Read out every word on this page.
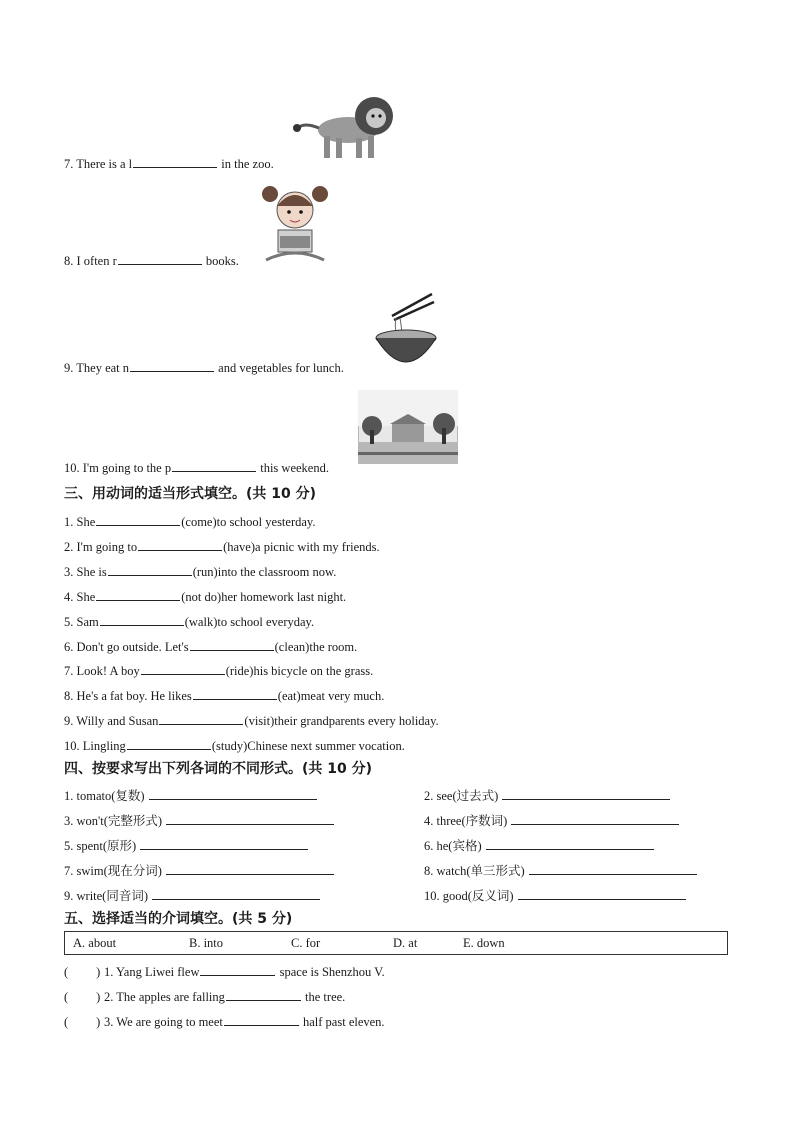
7. There is a l	in the zoo.
8. I often r	books.
9. They eat n	and vegetables for lunch.
10. I'm going to the p	this weekend.
三、用动词的适当形式填空。(共 10 分)
1. She	(come)to school yesterday.
2. I'm going to	(have)a picnic with my friends.
3. She is	(run)into the classroom now.
4. She	(not do)her homework last night.
5. Sam	(walk)to school everyday.
6. Don't go outside. Let's	(clean)the room.
7. Look! A boy	(ride)his bicycle on the grass.
8. He's a fat boy. He likes	(eat)meat very much.
9. Willy and Susan	(visit)their grandparents every holiday.
10. Lingling	(study)Chinese next summer vocation.
四、按要求写出下列各词的不同形式。(共 10 分)
1. tomato(复数)	2. see(过去式)
3. won't(完整形式)	4. three(序数词)
5. spent(原形)	6. he(宾格)
7. swim(现在分词)	8. watch(单三形式)
9. write(同音词)	10. good(反义词)
五、选择适当的介词填空。(共 5 分)
A. about	B. into	C. for	D. at	E. down
( ) 1. Yang Liwei flew	space is Shenzhou V.
( ) 2. The apples are falling	the tree.
( ) 3. We are going to meet	half past eleven.
